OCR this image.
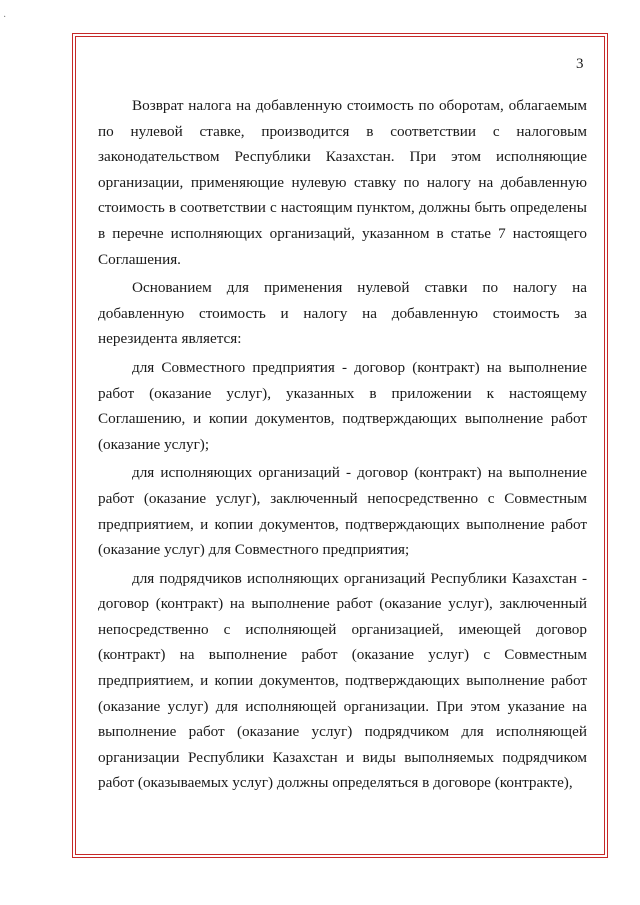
·
3

Возврат налога на добавленную стоимость по оборотам, облагаемым по нулевой ставке, производится в соответствии с налоговым законодательством Республики Казахстан. При этом исполняющие организации, применяющие нулевую ставку по налогу на добавленную стоимость в соответствии с настоящим пунктом, должны быть определены в перечне исполняющих организаций, указанном в статье 7 настоящего Соглашения.

Основанием для применения нулевой ставки по налогу на добавленную стоимость и налогу на добавленную стоимость за нерезидента является:

для Совместного предприятия - договор (контракт) на выполнение работ (оказание услуг), указанных в приложении к настоящему Соглашению, и копии документов, подтверждающих выполнение работ (оказание услуг);

для исполняющих организаций - договор (контракт) на выполнение работ (оказание услуг), заключенный непосредственно с Совместным предприятием, и копии документов, подтверждающих выполнение работ (оказание услуг) для Совместного предприятия;

для подрядчиков исполняющих организаций Республики Казахстан - договор (контракт) на выполнение работ (оказание услуг), заключенный непосредственно с исполняющей организацией, имеющей договор (контракт) на выполнение работ (оказание услуг) с Совместным предприятием, и копии документов, подтверждающих выполнение работ (оказание услуг) для исполняющей организации. При этом указание на выполнение работ (оказание услуг) подрядчиком для исполняющей организации Республики Казахстан и виды выполняемых подрядчиком работ (оказываемых услуг) должны определяться в договоре (контракте),
